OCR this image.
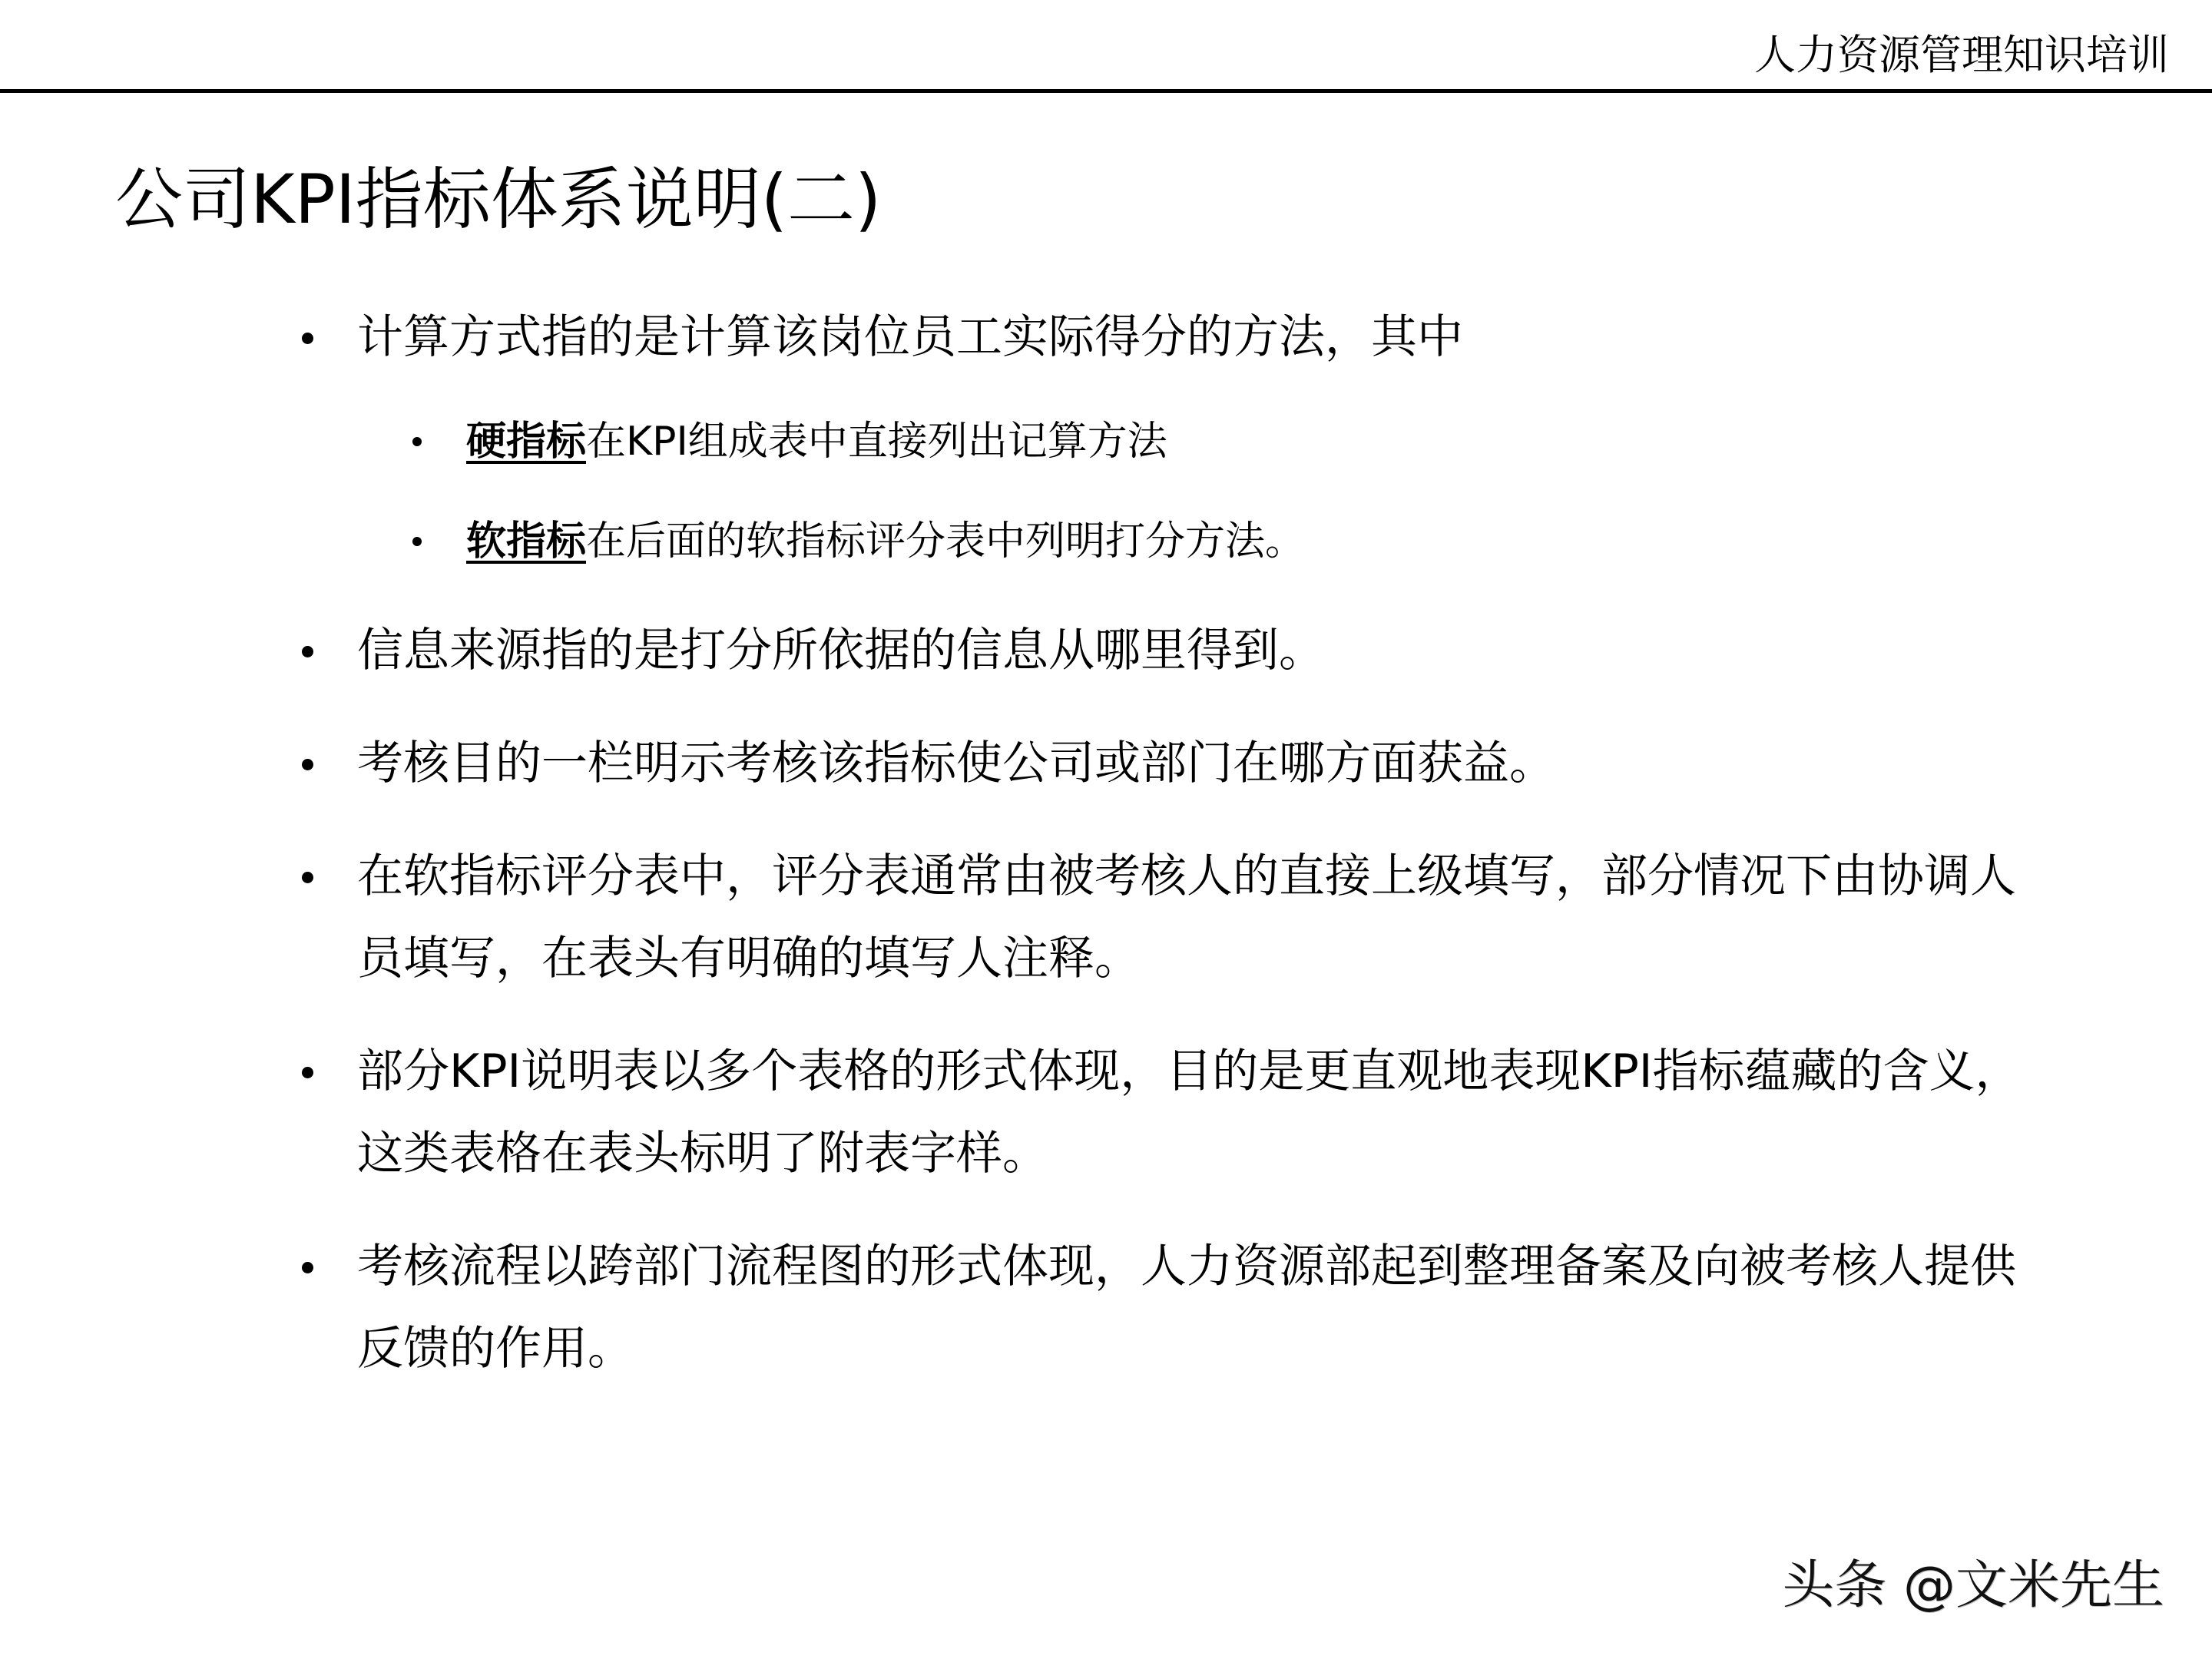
人力资源管理知识培训
公司KPI指标体系说明(二)
计算方式指的是计算该岗位员工实际得分的方法，其中
硬指标在KPI组成表中直接列出记算方法
软指标在后面的软指标评分表中列明打分方法。
信息来源指的是打分所依据的信息从哪里得到。
考核目的一栏明示考核该指标使公司或部门在哪方面获益。
在软指标评分表中，评分表通常由被考核人的直接上级填写，部分情况下由协调人
员填写，在表头有明确的填写人注释。
部分KPI说明表以多个表格的形式体现，目的是更直观地表现KPI指标蕴藏的含义，
这类表格在表头标明了附表字样。
考核流程以跨部门流程图的形式体现，人力资源部起到整理备案及向被考核人提供
反馈的作用。
头条 @文米先生
